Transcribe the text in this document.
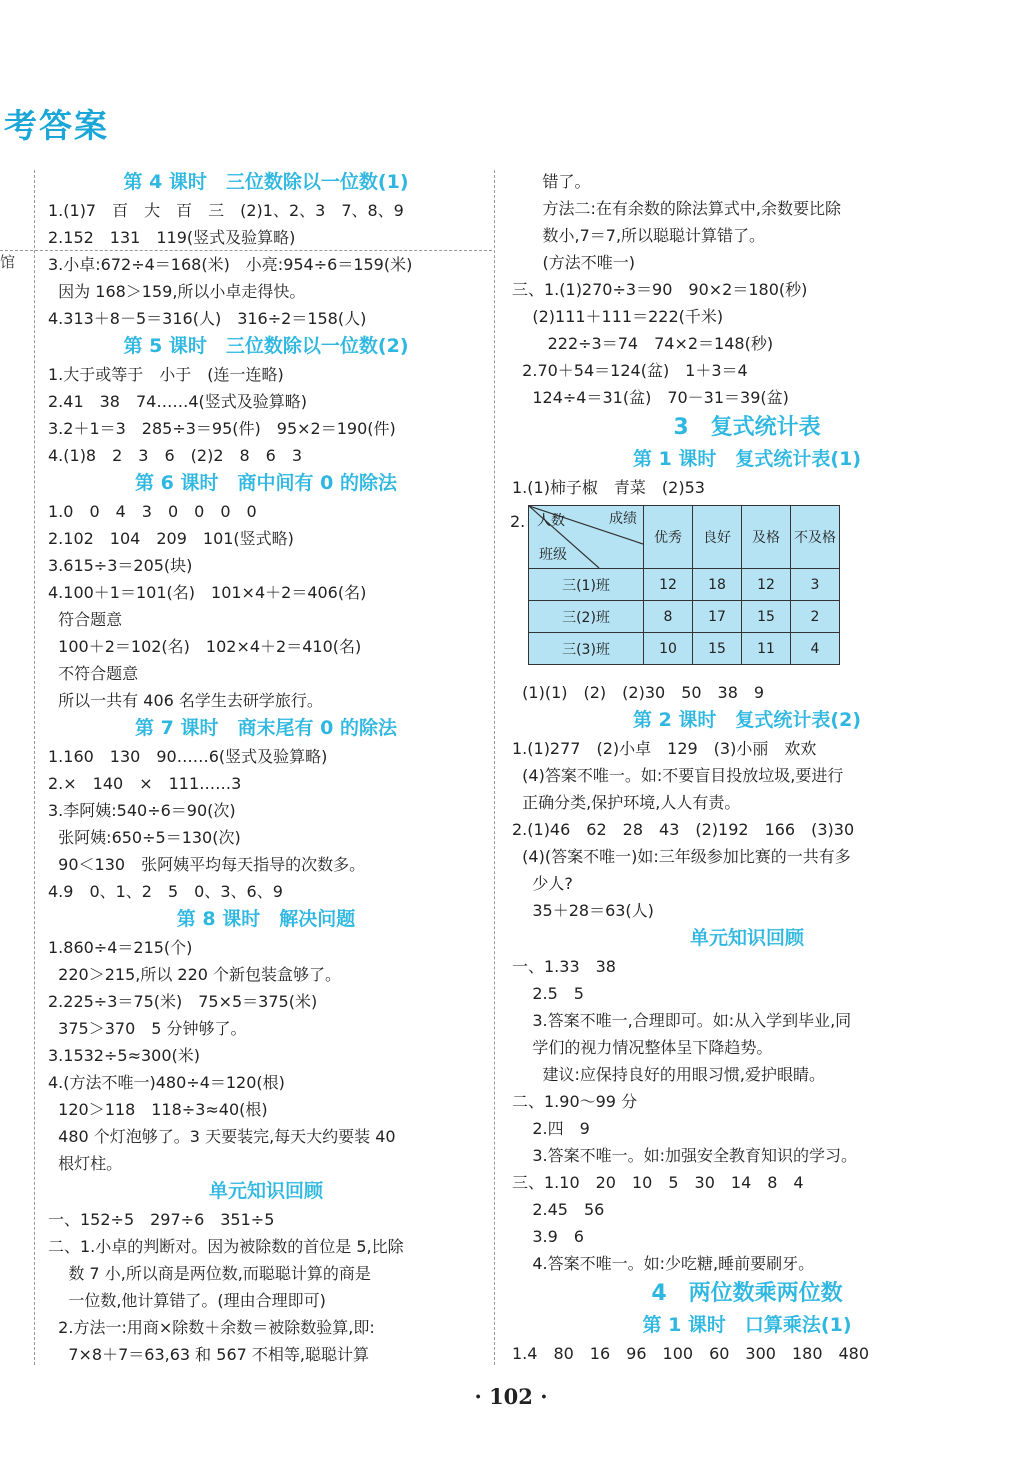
考答案
馆
第 4 课时　三位数除以一位数(1)
1.(1)7　百　大　百　三　(2)1、2、3　7、8、9
2.152　131　119(竖式及验算略)
3.小卓:672÷4＝168(米)　小亮:954÷6＝159(米)
因为 168＞159,所以小卓走得快。
4.313＋8－5＝316(人)　316÷2＝158(人)
第 5 课时　三位数除以一位数(2)
1.大于或等于　小于　(连一连略)
2.41　38　74……4(竖式及验算略)
3.2＋1＝3　285÷3＝95(件)　95×2＝190(件)
4.(1)8　2　3　6　(2)2　8　6　3
第 6 课时　商中间有 0 的除法
1.0　0　4　3　0　0　0　0
2.102　104　209　101(竖式略)
3.615÷3＝205(块)
4.100＋1＝101(名)　101×4＋2＝406(名)
符合题意
100＋2＝102(名)　102×4＋2＝410(名)
不符合题意
所以一共有 406 名学生去研学旅行。
第 7 课时　商末尾有 0 的除法
1.160　130　90……6(竖式及验算略)
2.×　140　×　111……3
3.李阿姨:540÷6＝90(次)
张阿姨:650÷5＝130(次)
90＜130　张阿姨平均每天指导的次数多。
4.9　0、1、2　5　0、3、6、9
第 8 课时　解决问题
1.860÷4＝215(个)
220＞215,所以 220 个新包装盒够了。
2.225÷3＝75(米)　75×5＝375(米)
375＞370　5 分钟够了。
3.1532÷5≈300(米)
4.(方法不唯一)480÷4＝120(根)
120＞118　118÷3≈40(根)
480 个灯泡够了。3 天要装完,每天大约要装 40
根灯柱。
单元知识回顾
一、152÷5　297÷6　351÷5
二、1.小卓的判断对。因为被除数的首位是 5,比除
数 7 小,所以商是两位数,而聪聪计算的商是
一位数,他计算错了。(理由合理即可)
2.方法一:用商×除数＋余数＝被除数验算,即:
7×8＋7＝63,63 和 567 不相等,聪聪计算
错了。
方法二:在有余数的除法算式中,余数要比除
数小,7＝7,所以聪聪计算错了。
(方法不唯一)
三、1.(1)270÷3＝90　90×2＝180(秒)
(2)111＋111＝222(千米)
222÷3＝74　74×2＝148(秒)
2.70＋54＝124(盆)　1＋3＝4
124÷4＝31(盆)　70－31＝39(盆)
3　复式统计表
第 1 课时　复式统计表(1)
1.(1)柿子椒　青菜　(2)53
人数 成绩
班级	优秀	良好	及格	不及格

三(1)班	12	18	12	3
三(2)班	8	17	15	2
三(3)班	10	15	11	4
(1)(1)　(2)　(2)30　50　38　9
第 2 课时　复式统计表(2)
1.(1)277　(2)小卓　129　(3)小丽　欢欢
(4)答案不唯一。如:不要盲目投放垃圾,要进行
正确分类,保护环境,人人有责。
2.(1)46　62　28　43　(2)192　166　(3)30
(4)(答案不唯一)如:三年级参加比赛的一共有多
少人?
35＋28＝63(人)
单元知识回顾
一、1.33　38
2.5　5
3.答案不唯一,合理即可。如:从入学到毕业,同
学们的视力情况整体呈下降趋势。
建议:应保持良好的用眼习惯,爱护眼睛。
二、1.90～99 分
2.四　9
3.答案不唯一。如:加强安全教育知识的学习。
三、1.10　20　10　5　30　14　8　4
2.45　56
3.9　6
4.答案不唯一。如:少吃糖,睡前要刷牙。
4　两位数乘两位数
第 1 课时　口算乘法(1)
1.4　80　16　96　100　60　300　180　480
2.
· 102 ·
